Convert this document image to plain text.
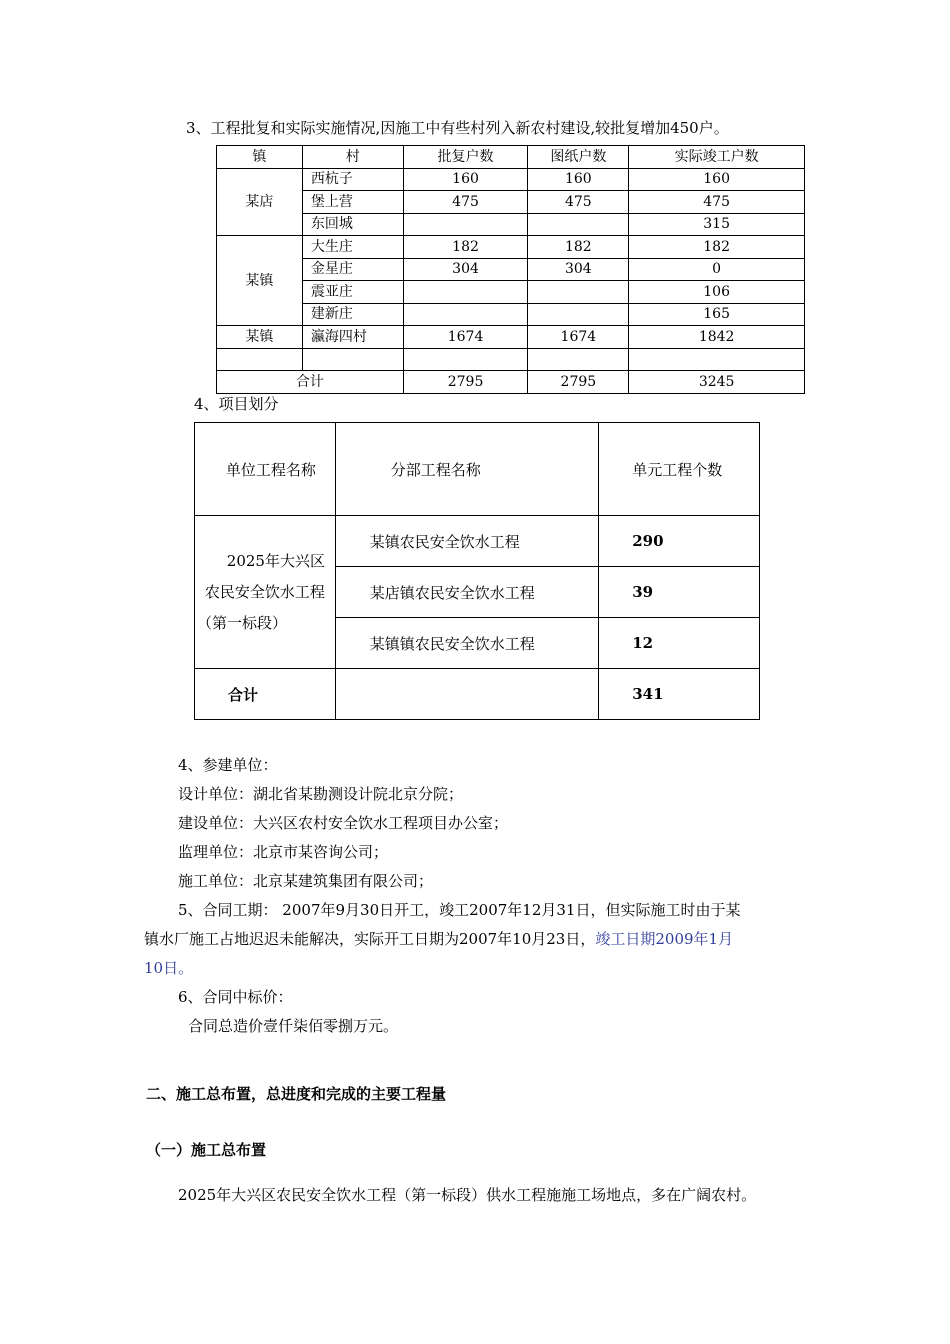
3、工程批复和实际实施情况,因施工中有些村列入新农村建设,较批复增加450户。
镇	村	批复户数	图纸户数	实际竣工户数
某店	西杭子	160	160	160
	堡上营	475	475	475
	东回城			315
某镇	大生庄	182	182	182
	金星庄	304	304	0
	震亚庄			106
	建新庄			165
某镇	瀛海四村	1674	1674	1842

合计		2795	2795	3245
4、项目划分
单位工程名称	分部工程名称	单元工程个数

2025年大兴区
农民安全饮水工程
（第一标段）	某镇农民安全饮水工程	290
	某店镇农民安全饮水工程	39
	某镇镇农民安全饮水工程	12
合计		341
4、参建单位：
设计单位：湖北省某勘测设计院北京分院；
建设单位：大兴区农村安全饮水工程项目办公室；
监理单位：北京市某咨询公司；
施工单位：北京某建筑集团有限公司；
5、合同工期： 2007年9月30日开工，竣工2007年12月31日，但实际施工时由于某
镇水厂施工占地迟迟未能解决，实际开工日期为2007年10月23日，竣工日期2009年1月
10日。
6、合同中标价：
合同总造价壹仟柒佰零捌万元。
二、施工总布置，总进度和完成的主要工程量
（一）施工总布置
2025年大兴区农民安全饮水工程（第一标段）供水工程施施工场地点，多在广阔农村。
